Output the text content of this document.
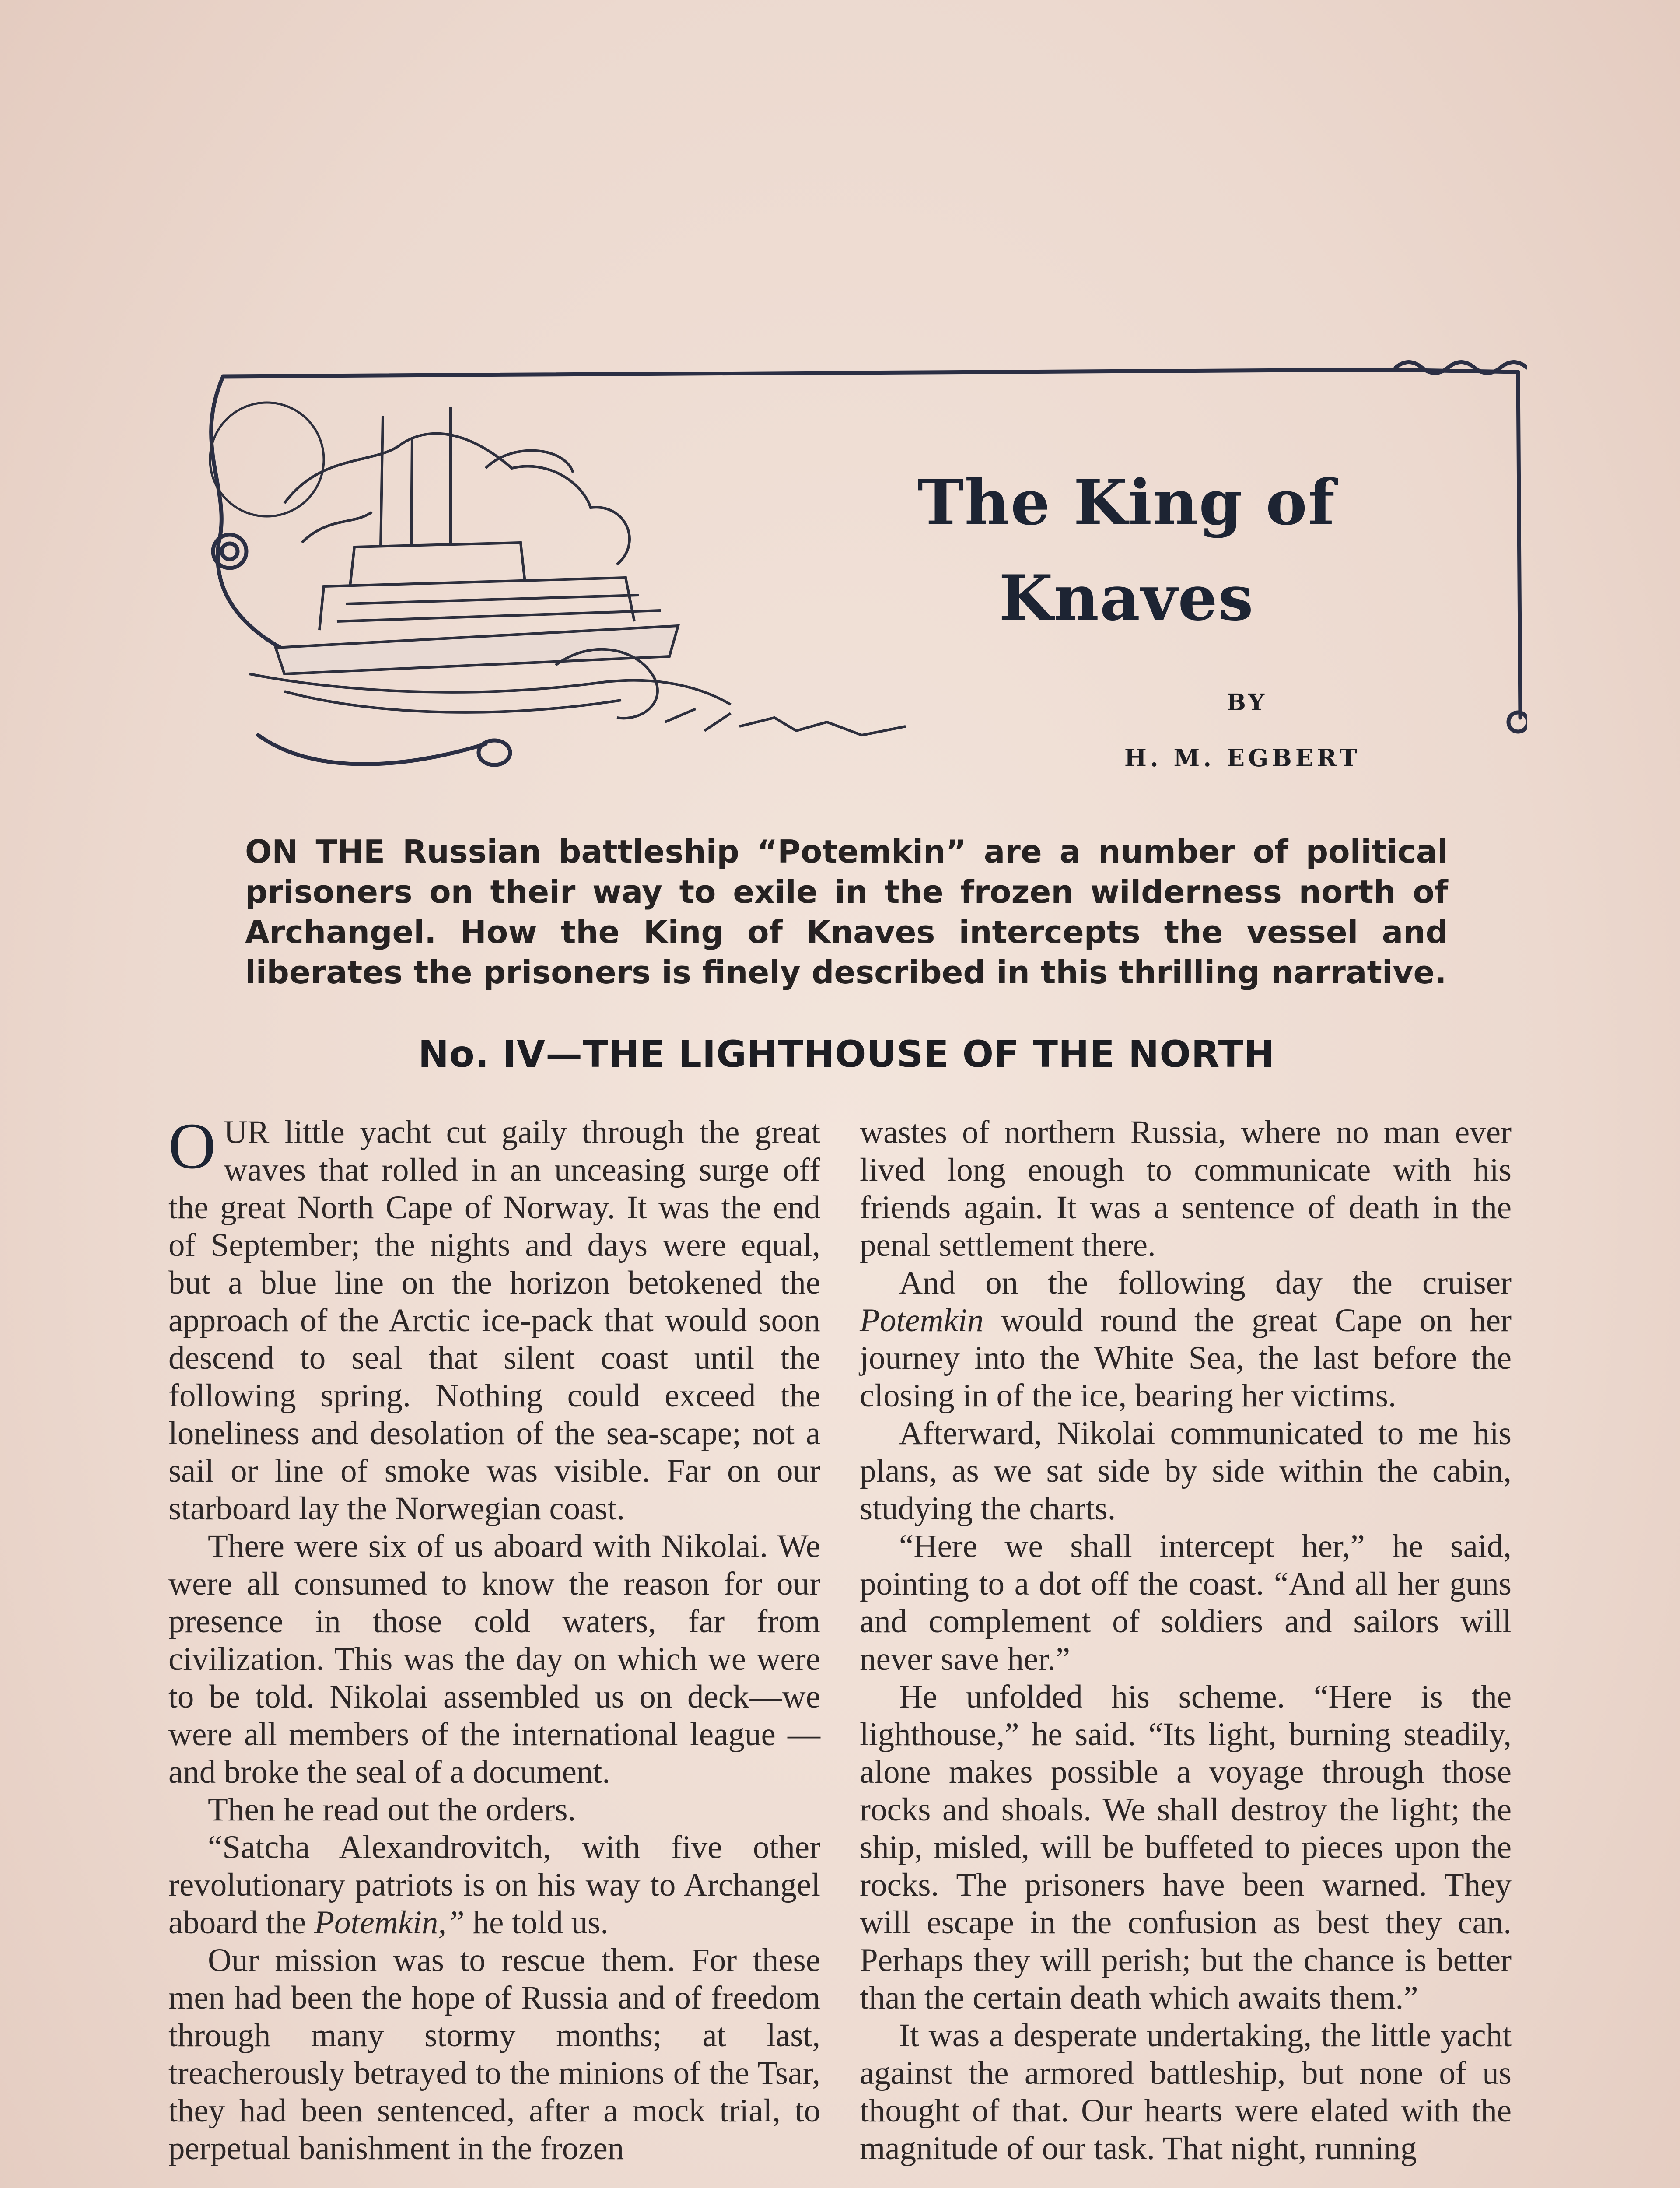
The King of
Knaves
BY
H. M. EGBERT
ON THE Russian battleship “Potemkin” are a number of political prisoners on their way to exile in the frozen wilderness north of Archangel. How the King of Knaves intercepts the vessel and liberates the prisoners is finely described in this thrilling narrative.
No. IV—THE LIGHTHOUSE OF THE NORTH

OUR little yacht cut gaily through the great waves that rolled in an unceasing surge off the great North Cape of Norway. It was the end of September; the nights and days were equal, but a blue line on the horizon betokened the approach of the Arctic ice-pack that would soon descend to seal that silent coast until the following spring. Nothing could exceed the loneliness and desolation of the sea-scape; not a sail or line of smoke was visible. Far on our starboard lay the Norwegian coast.

There were six of us aboard with Nikolai. We were all consumed to know the reason for our presence in those cold waters, far from civilization. This was the day on which we were to be told. Nikolai assembled us on deck—we were all members of the international league —and broke the seal of a document.

Then he read out the orders.

“Satcha Alexandrovitch, with five other revolutionary patriots is on his way to Archangel aboard the Potemkin,” he told us.

Our mission was to rescue them. For these men had been the hope of Russia and of freedom through many stormy months; at last, treacherously betrayed to the minions of the Tsar, they had been sentenced, after a mock trial, to perpetual banishment in the frozen

wastes of northern Russia, where no man ever lived long enough to communicate with his friends again. It was a sentence of death in the penal settlement there.

And on the following day the cruiser Potemkin would round the great Cape on her journey into the White Sea, the last before the closing in of the ice, bearing her victims.

Afterward, Nikolai communicated to me his plans, as we sat side by side within the cabin, studying the charts.

“Here we shall intercept her,” he said, pointing to a dot off the coast. “And all her guns and complement of soldiers and sailors will never save her.”

He unfolded his scheme. “Here is the lighthouse,” he said. “Its light, burning steadily, alone makes possible a voyage through those rocks and shoals. We shall destroy the light; the ship, misled, will be buffeted to pieces upon the rocks. The prisoners have been warned. They will escape in the confusion as best they can. Perhaps they will perish; but the chance is better than the certain death which awaits them.”

It was a desperate undertaking, the little yacht against the armored battleship, but none of us thought of that. Our hearts were elated with the magnitude of our task. That night, running
